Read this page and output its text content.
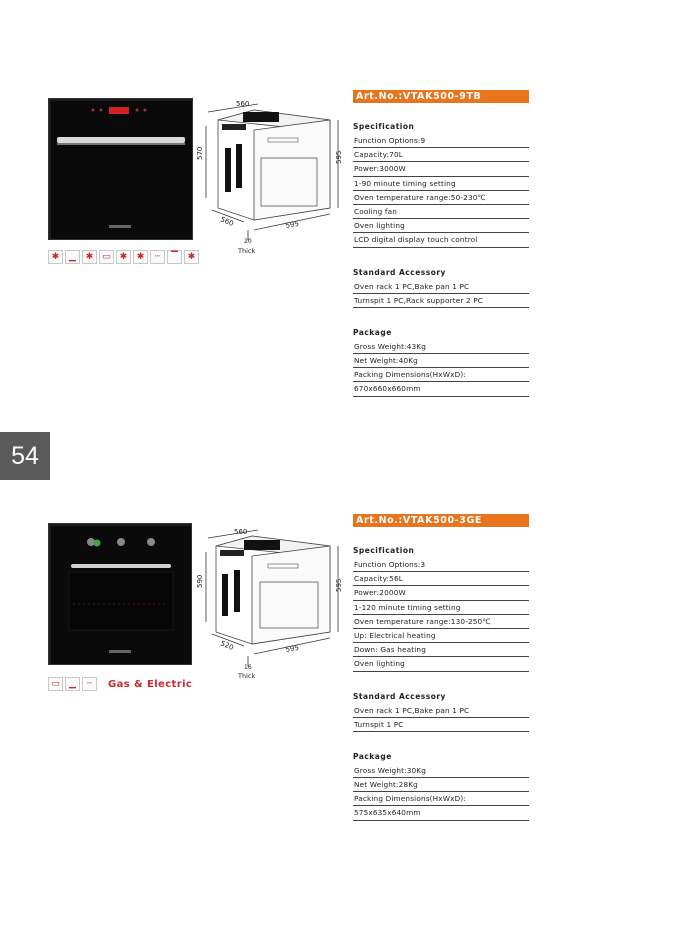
54
✱	▁	✱ ▭ ✱	✱	┄	▔	✱
560
570	595
560	595
20
Thick
Art.No.:VTAK500-9TB
Specification
Function Options:9
Capacity:70L
Power:3000W
1-90 minute timing setting
Oven temperature range:50-230℃
Cooling fan
Oven lighting
LCD digital display touch control
Standard Accessory
Oven rack 1 PC,Bake pan 1 PC
Turnspit 1 PC,Rack supporter 2 PC
Package
Gross Weight:43Kg
Net Weight:40Kg
Packing Dimensions(HxWxD):
670x660x660mm
▭	▁	┄	Gas & Electric
560
590	595
520	595
16
Thick
Art.No.:VTAK500-3GE
Specification
Function Options:3
Capacity:56L
Power:2000W
1-120 minute timing setting
Oven temperature range:130-250℃
Up: Electrical heating
Down: Gas heating
Oven lighting
Standard Accessory
Oven rack 1 PC,Bake pan 1 PC
Turnspit 1 PC
Package
Gross Weight:30Kg
Net Weight:28Kg
Packing Dimensions(HxWxD):
575x635x640mm
